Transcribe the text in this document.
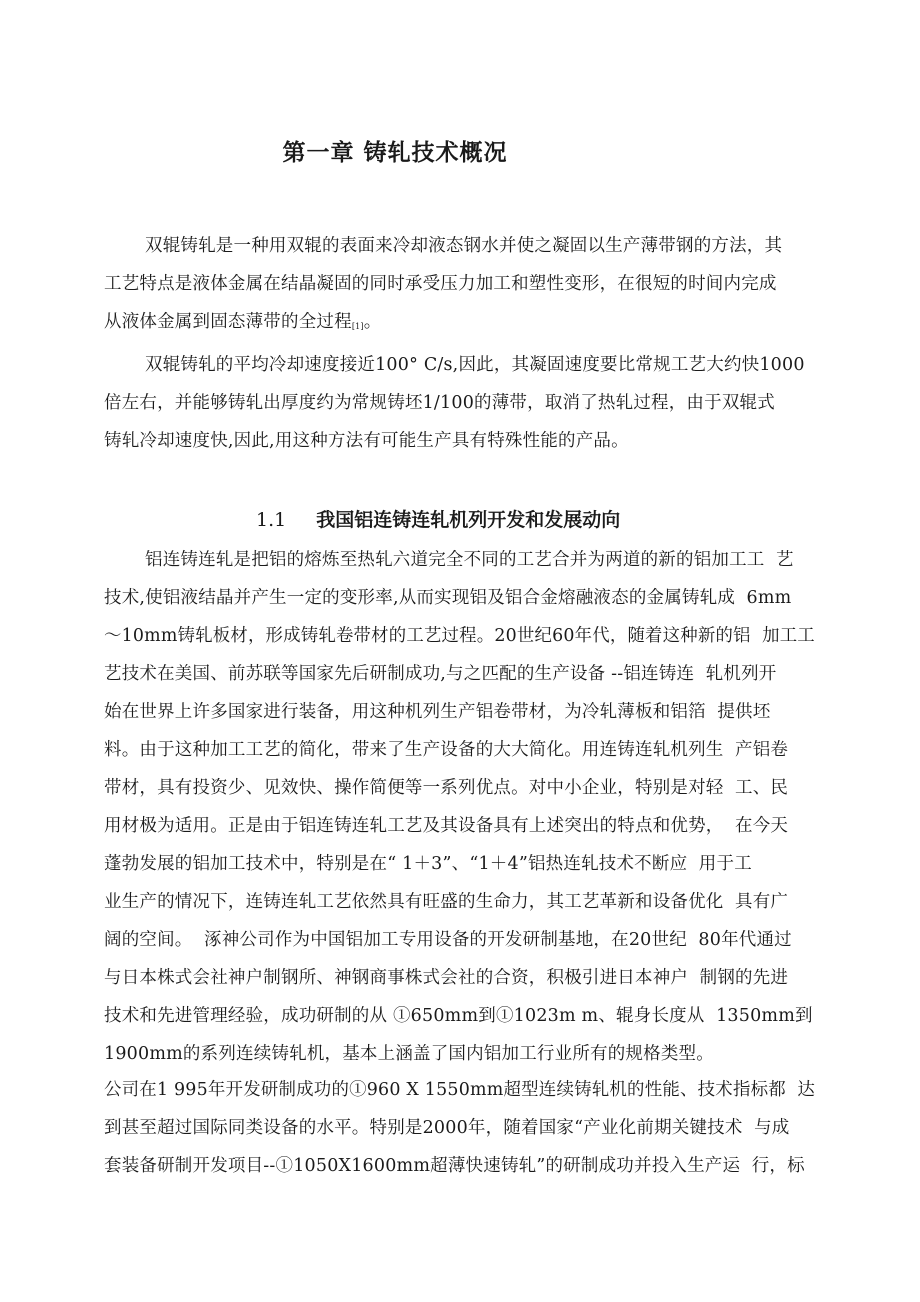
第一章 铸轧技术概况
双辊铸轧是一种用双辊的表面来冷却液态钢水并使之凝固以生产薄带钢的方法，其
工艺特点是液体金属在结晶凝固的同时承受压力加工和塑性变形，在很短的时间内完成
从液体金属到固态薄带的全过程[1]。
双辊铸轧的平均冷却速度接近100° C/s,因此，其凝固速度要比常规工艺大约快1000
倍左右，并能够铸轧出厚度约为常规铸坯1/100的薄带，取消了热轧过程，由于双辊式
铸轧冷却速度快,因此,用这种方法有可能生产具有特殊性能的产品。
1.1 我国铝连铸连轧机列开发和发展动向
铝连铸连轧是把铝的熔炼至热轧六道完全不同的工艺合并为两道的新的铝加工工  艺
技术,使铝液结晶并产生一定的变形率,从而实现铝及铝合金熔融液态的金属铸轧成  6mm
～10mm铸轧板材，形成铸轧卷带材的工艺过程。20世纪60年代，随着这种新的铝  加工工
艺技术在美国、前苏联等国家先后研制成功,与之匹配的生产设备 --铝连铸连  轧机列开
始在世界上许多国家进行装备，用这种机列生产铝卷带材，为冷轧薄板和铝箔  提供坯
料。由于这种加工工艺的简化，带来了生产设备的大大简化。用连铸连轧机列生  产铝卷
带材，具有投资少、见效快、操作简便等一系列优点。对中小企业，特别是对轻  工、民
用材极为适用。正是由于铝连铸连轧工艺及其设备具有上述突出的特点和优势，  在今天
蓬勃发展的铝加工技术中，特别是在“ 1＋3”、“1＋4”铝热连轧技术不断应  用于工
业生产的情况下，连铸连轧工艺依然具有旺盛的生命力，其工艺革新和设备优化  具有广
阔的空间。  涿神公司作为中国铝加工专用设备的开发研制基地，在20世纪  80年代通过
与日本株式会社神户制钢所、神钢商事株式会社的合资，积极引进日本神户  制钢的先进
技术和先进管理经验，成功研制的从 ①650mm到①1023m m、辊身长度从  1350mm到
1900mm的系列连续铸轧机，基本上涵盖了国内铝加工行业所有的规格类型。
公司在1 995年开发研制成功的①960 X 1550mm超型连续铸轧机的性能、技术指标都  达
到甚至超过国际同类设备的水平。特别是2000年，随着国家“产业化前期关键技术  与成
套装备研制开发项目--①1050X1600mm超薄快速铸轧”的研制成功并投入生产运  行，标
